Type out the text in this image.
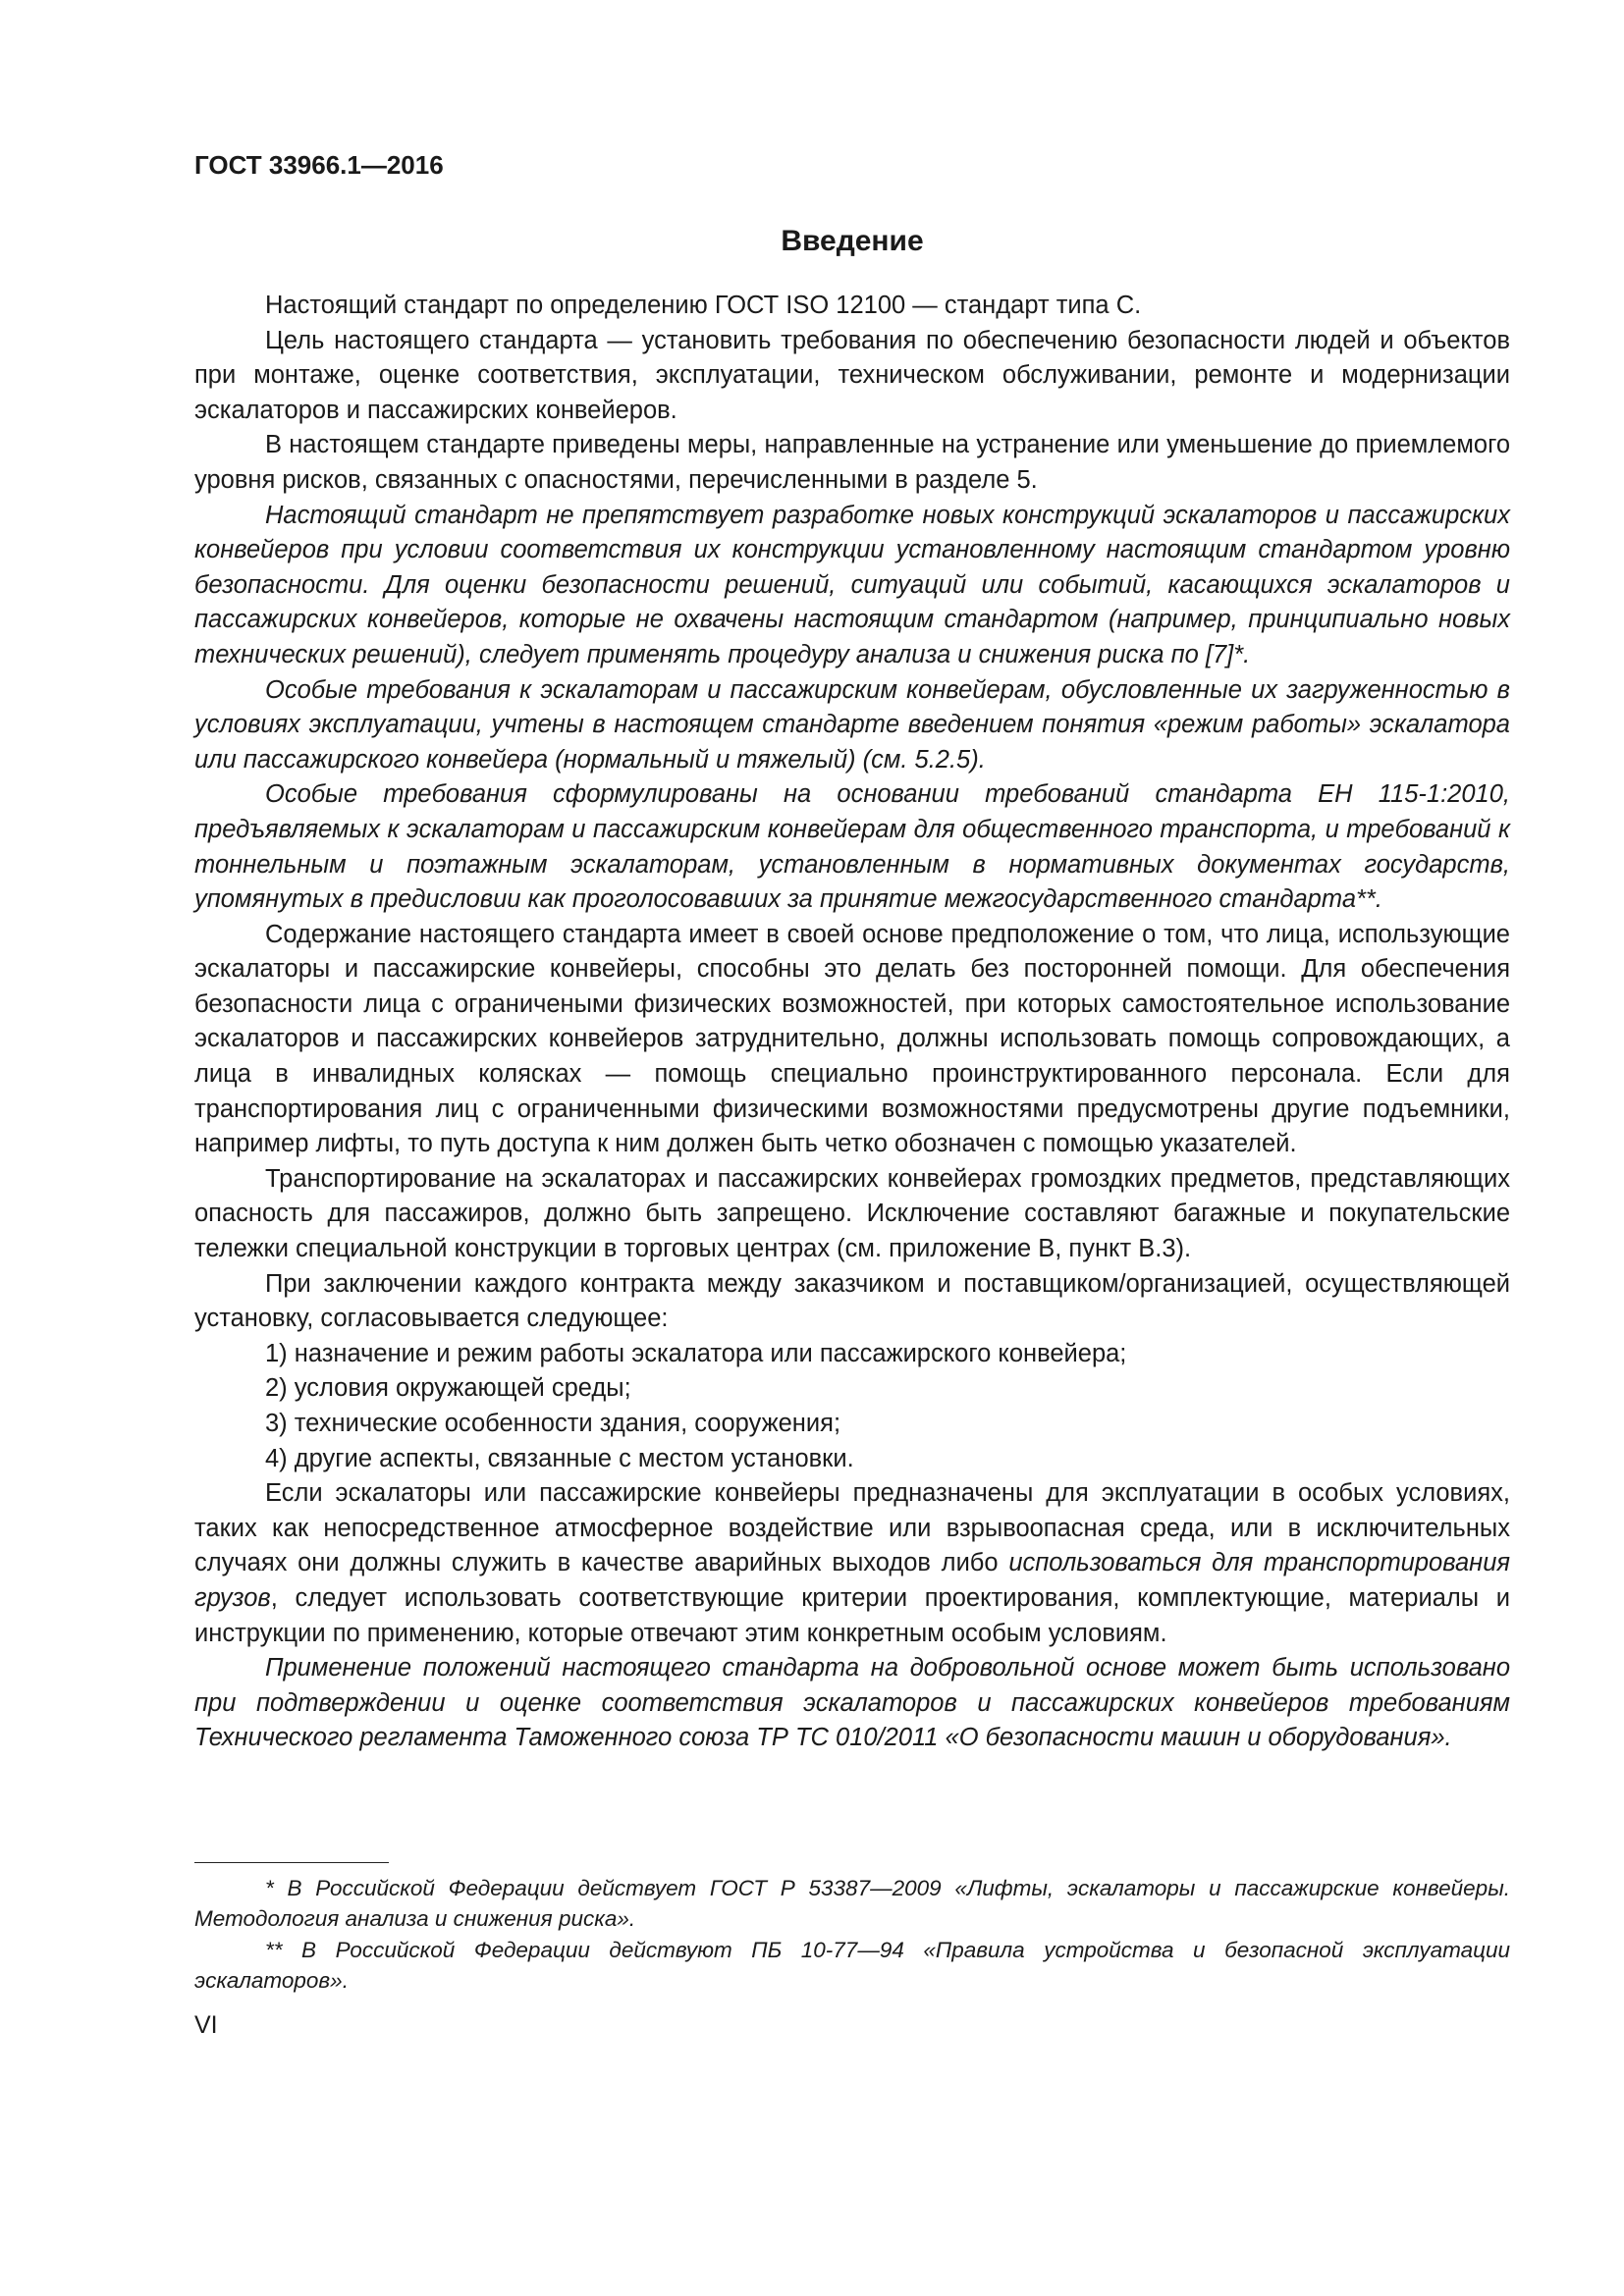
ГОСТ 33966.1—2016
Введение

Настоящий стандарт по определению ГОСТ ISO 12100 — стандарт типа С.

Цель настоящего стандарта — установить требования по обеспечению безопасности людей и объектов при монтаже, оценке соответствия, эксплуатации, техническом обслуживании, ремонте и модернизации эскалаторов и пассажирских конвейеров.

В настоящем стандарте приведены меры, направленные на устранение или уменьшение до приемлемого уровня рисков, связанных с опасностями, перечисленными в разделе 5.

Настоящий стандарт не препятствует разработке новых конструкций эскалаторов и пассажирских конвейеров при условии соответствия их конструкции установленному настоящим стандартом уровню безопасности. Для оценки безопасности решений, ситуаций или событий, касающихся эскалаторов и пассажирских конвейеров, которые не охвачены настоящим стандартом (например, принципиально новых технических решений), следует применять процедуру анализа и снижения риска по [7]*.

Особые требования к эскалаторам и пассажирским конвейерам, обусловленные их загруженностью в условиях эксплуатации, учтены в настоящем стандарте введением понятия «режим работы» эскалатора или пассажирского конвейера (нормальный и тяжелый) (см. 5.2.5).

Особые требования сформулированы на основании требований стандарта ЕН 115-1:2010, предъявляемых к эскалаторам и пассажирским конвейерам для общественного транспорта, и требований к тоннельным и поэтажным эскалаторам, установленным в нормативных документах государств, упомянутых в предисловии как проголосовавших за принятие межгосударственного стандарта**.

Содержание настоящего стандарта имеет в своей основе предположение о том, что лица, использующие эскалаторы и пассажирские конвейеры, способны это делать без посторонней помощи. Для обеспечения безопасности лица с ограничеными физических возможностей, при которых самостоятельное использование эскалаторов и пассажирских конвейеров затруднительно, должны использовать помощь сопровождающих, а лица в инвалидных колясках — помощь специально проинструктированного персонала. Если для транспортирования лиц с ограниченными физическими возможностями предусмотрены другие подъемники, например лифты, то путь доступа к ним должен быть четко обозначен с помощью указателей.

Транспортирование на эскалаторах и пассажирских конвейерах громоздких предметов, представляющих опасность для пассажиров, должно быть запрещено. Исключение составляют багажные и покупательские тележки специальной конструкции в торговых центрах (см. приложение В, пункт В.3).

При заключении каждого контракта между заказчиком и поставщиком/организацией, осуществляющей установку, согласовывается следующее:

1) назначение и режим работы эскалатора или пассажирского конвейера;

2) условия окружающей среды;

3) технические особенности здания, сооружения;

4) другие аспекты, связанные с местом установки.

Если эскалаторы или пассажирские конвейеры предназначены для эксплуатации в особых условиях, таких как непосредственное атмосферное воздействие или взрывоопасная среда, или в исключительных случаях они должны служить в качестве аварийных выходов либо использоваться для транспортирования грузов, следует использовать соответствующие критерии проектирования, комплектующие, материалы и инструкции по применению, которые отвечают этим конкретным особым условиям.

Применение положений настоящего стандарта на добровольной основе может быть использовано при подтверждении и оценке соответствия эскалаторов и пассажирских конвейеров требованиям Технического регламента Таможенного союза ТР ТС 010/2011 «О безопасности машин и оборудования».

* В Российской Федерации действует ГОСТ Р 53387—2009 «Лифты, эскалаторы и пассажирские конвейеры. Методология анализа и снижения риска».

** В Российской Федерации действуют ПБ 10-77—94 «Правила устройства и безопасной эксплуатации эскалаторов».

VI
